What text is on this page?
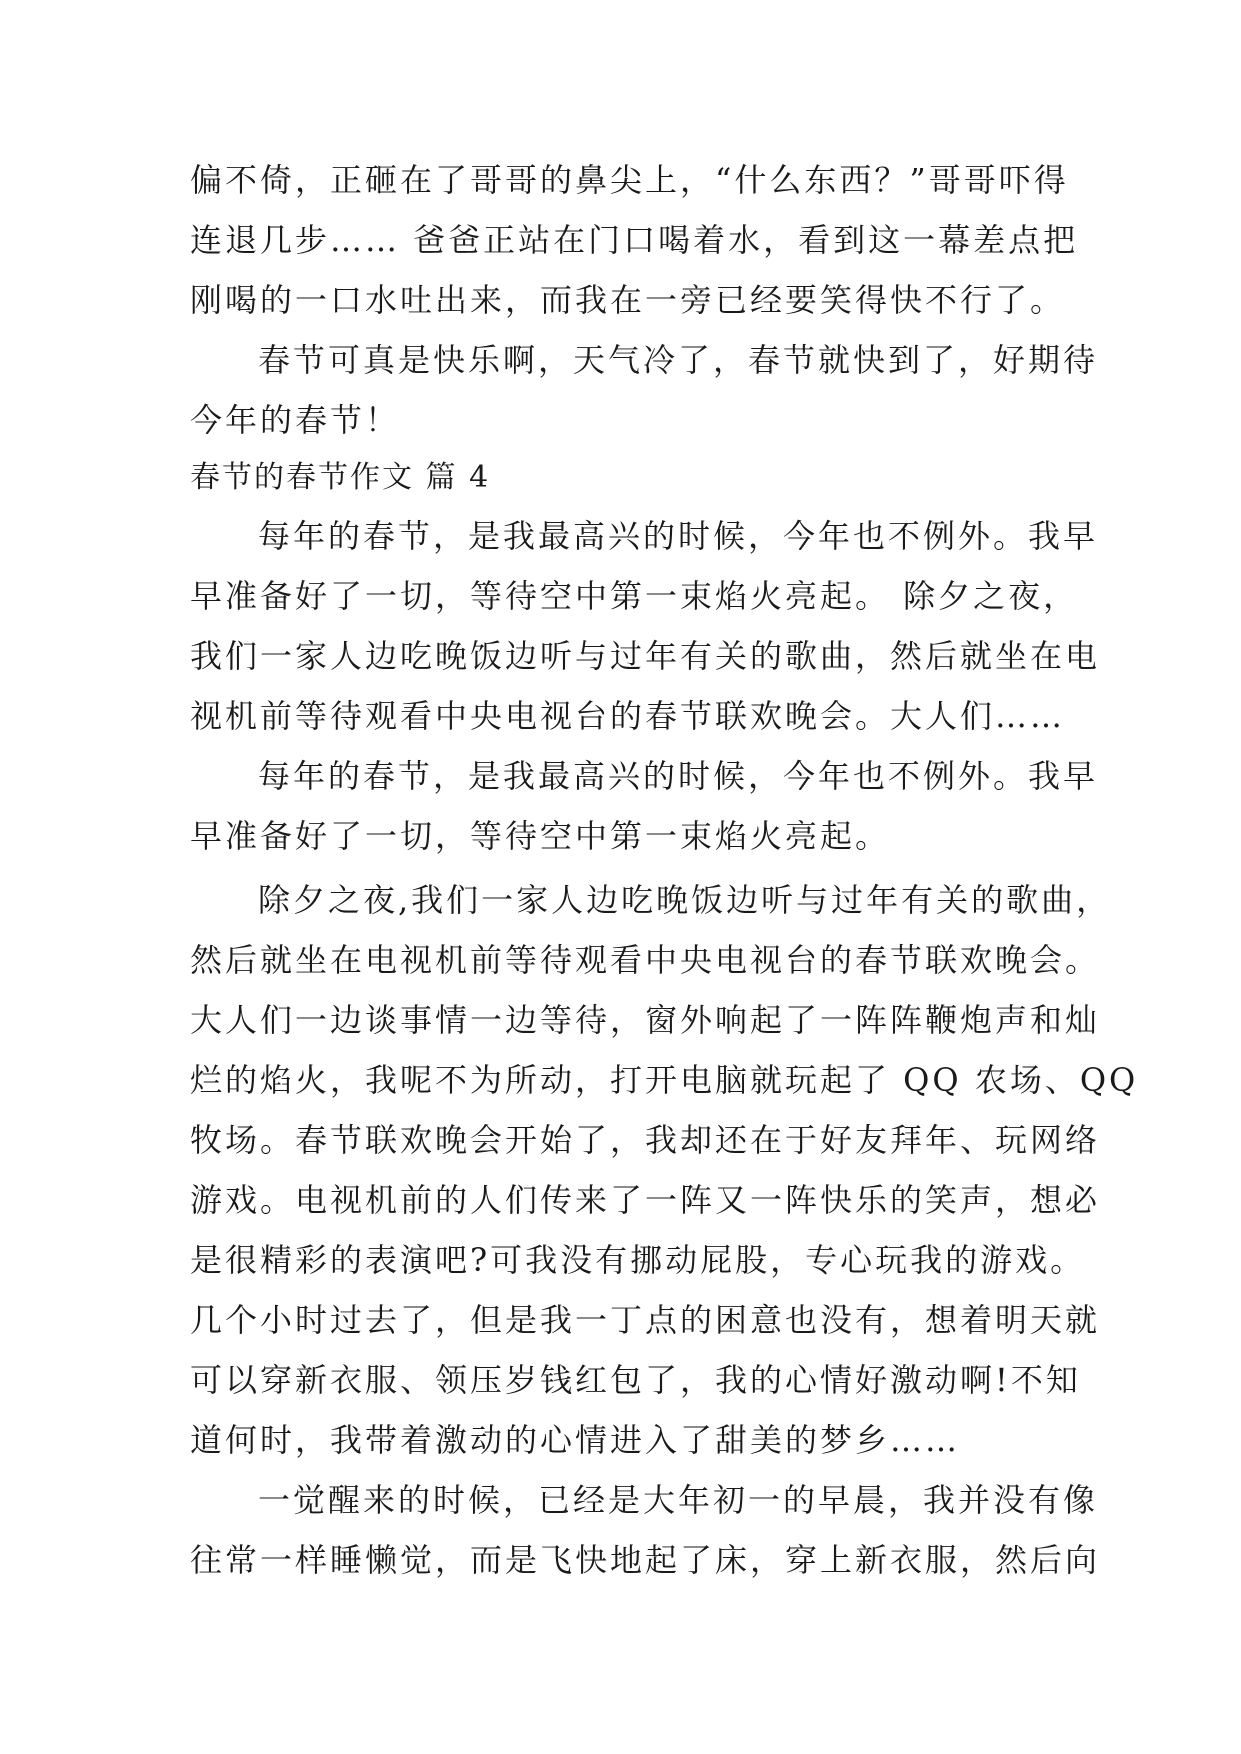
偏不倚，正砸在了哥哥的鼻尖上，“什么东西？”哥哥吓得
连退几步…… 爸爸正站在门口喝着水，看到这一幕差点把
刚喝的一口水吐出来，而我在一旁已经要笑得快不行了。
春节可真是快乐啊，天气冷了，春节就快到了，好期待
今年的春节！
春节的春节作文 篇 4
每年的春节，是我最高兴的时候，今年也不例外。我早
早准备好了一切，等待空中第一束焰火亮起。 除夕之夜，
我们一家人边吃晚饭边听与过年有关的歌曲，然后就坐在电
视机前等待观看中央电视台的春节联欢晚会。大人们……
每年的春节，是我最高兴的时候，今年也不例外。我早
早准备好了一切，等待空中第一束焰火亮起。
除夕之夜,我们一家人边吃晚饭边听与过年有关的歌曲，
然后就坐在电视机前等待观看中央电视台的春节联欢晚会。
大人们一边谈事情一边等待，窗外响起了一阵阵鞭炮声和灿
烂的焰火，我呢不为所动，打开电脑就玩起了 QQ 农场、QQ
牧场。春节联欢晚会开始了，我却还在于好友拜年、玩网络
游戏。电视机前的人们传来了一阵又一阵快乐的笑声，想必
是很精彩的表演吧?可我没有挪动屁股，专心玩我的游戏。
几个小时过去了，但是我一丁点的困意也没有，想着明天就
可以穿新衣服、领压岁钱红包了，我的心情好激动啊!不知
道何时，我带着激动的心情进入了甜美的梦乡……
一觉醒来的时候，已经是大年初一的早晨，我并没有像
往常一样睡懒觉，而是飞快地起了床，穿上新衣服，然后向
